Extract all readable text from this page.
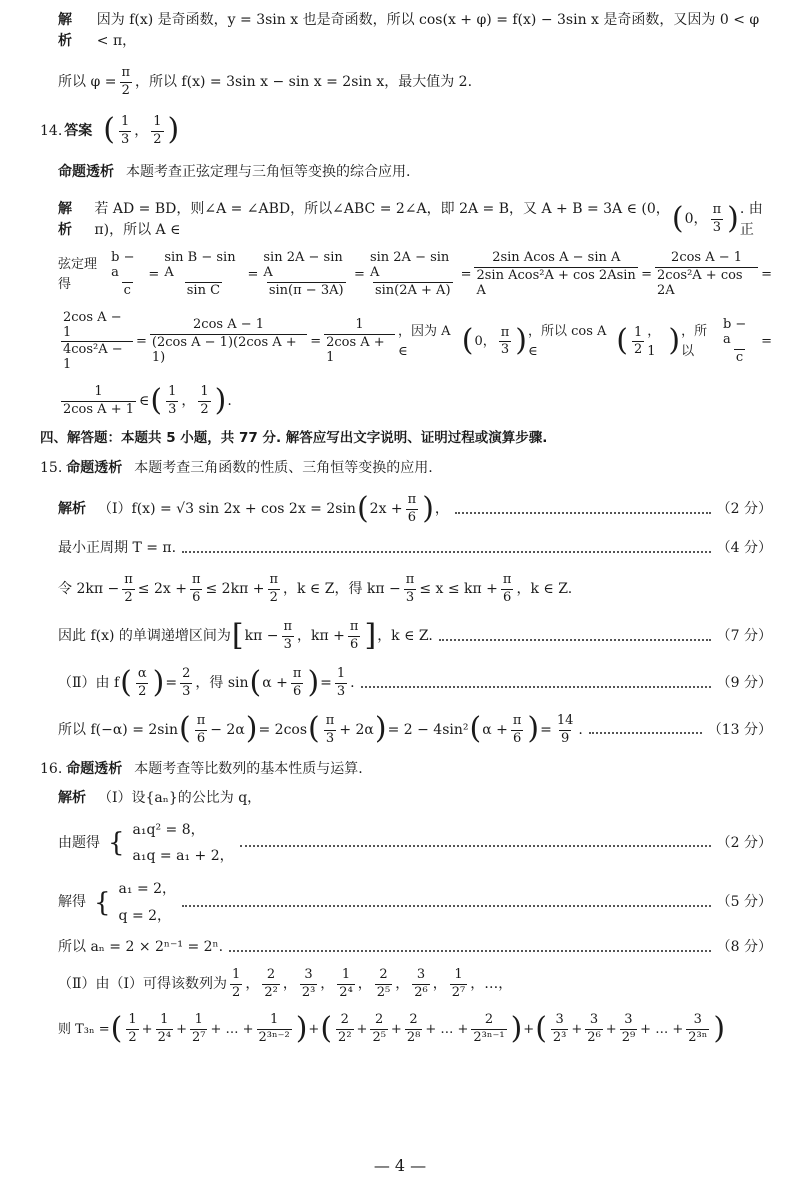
解析
因为 f(x) 是奇函数，y = 3sin x 也是奇函数，所以 cos(x + φ) = f(x) − 3sin x 是奇函数，又因为 0 < φ < π，
所以 $\varphi = \frac{\pi}{2}$ ，所以 f(x) = 3sin x − sin x = 2sin x，最大值为 2.
14. 答案 ( $\frac{1}{3}$ ， $\frac{1}{2}$ )
命题透析 本题考查正弦定理与三角恒等变换的综合应用.
解析
若 AD = BD，则∠A = ∠ABD，所以∠ABC = 2∠A，即 2A = B，又 A + B = 3A ∈ (0，π)，所以 A ∈	( 0， $\frac{\pi}{3}$ ) . 由正
弦定理得	$\frac{b - a}{c} = \frac{\text{sin B − sin A}}{\text{sin C}} = \frac{\text{sin 2A − sin A}}{\sin(\pi - 3A)} = \frac{\text{sin 2A − sin A}}{\sin(2A + A)} = \frac{\text{2sin Acos A − sin A}}{\text{2sin Acos²A + cos 2Asin A}} = \frac{\text{2cos A − 1}}{\text{2cos²A + cos 2A}}$ =
$\frac{\text{2cos A − 1}}{\text{4cos²A − 1}} = \frac{\text{2cos A − 1}}{\text{(2cos A − 1)(2cos A + 1)}} = \frac{1}{\text{2cos A + 1}}$ ，因为 A ∈	( 0， $\frac{\pi}{3}$ ) ，所以 cos A ∈	( $\frac{1}{2}$ ，1 ) ，所以	$\frac{b - a}{c}$ =
$\frac{1}{\text{2cos A + 1}}$ ∈ ( $\frac{1}{3}$ ， $\frac{1}{2}$ ) .
四、解答题：本题共 5 小题，共 77 分. 解答应写出文字说明、证明过程或演算步骤.
15. 命题透析 本题考查三角函数的性质、三角恒等变换的应用.
解析 （Ⅰ）f(x) = √3 sin 2x + cos 2x = 2sin ( $2x + \frac{\pi}{6}$ ) ，	（2 分）
最小正周期 T = π.	（4 分）
令 $2k\pi - \frac{\pi}{2} \le 2x + \frac{\pi}{6} \le 2k\pi + \frac{\pi}{2}$ ，k ∈ Z，得 $k\pi - \frac{\pi}{3} \le x \le k\pi + \frac{\pi}{6}$ ，k ∈ Z.
因此 f(x) 的单调递增区间为 [ $k\pi - \frac{\pi}{3}$ ，$k\pi + \frac{\pi}{6}$ ] ，k ∈ Z.	（7 分）
（Ⅱ）由 f ( $\frac{\alpha}{2}$ ) = $\frac{2}{3}$ ，得 sin ( $\alpha + \frac{\pi}{6}$ ) = $\frac{1}{3}$ .	（9 分）
所以 f(−α) = 2sin ( $\frac{\pi}{6} - 2\alpha$ ) = 2cos ( $\frac{\pi}{3} + 2\alpha$ ) = 2 − 4sin² ( $\alpha + \frac{\pi}{6}$ ) = $\frac{14}{9}$ .	（13 分）
16. 命题透析 本题考查等比数列的基本性质与运算.
解析 （Ⅰ）设{aₙ}的公比为 q，
由题得 { a₁q² = 8，
a₁q = a₁ + 2，
（2 分）
解得 { a₁ = 2，
q = 2，
（5 分）
所以 aₙ = 2 × 2ⁿ⁻¹ = 2ⁿ.	（8 分）
（Ⅱ）由（Ⅰ）可得该数列为 $\frac{1}{2}$ ， $\frac{2}{\text{2²}}$ ， $\frac{3}{\text{2³}}$ ， $\frac{1}{\text{2⁴}}$ ， $\frac{2}{\text{2⁵}}$ ， $\frac{3}{\text{2⁶}}$ ， $\frac{1}{\text{2⁷}}$ ，…，
则 T₃ₙ = ( $\frac{1}{2} + \frac{1}{\text{2⁴}} + \frac{1}{\text{2⁷}}$ + … + $\frac{1}{\text{2³ⁿ⁻²}}$ ) + ( $\frac{2}{\text{2²}} + \frac{2}{\text{2⁵}} + \frac{2}{\text{2⁸}}$ + … + $\frac{2}{\text{2³ⁿ⁻¹}}$ ) + ( $\frac{3}{\text{2³}} + \frac{3}{\text{2⁶}} + \frac{3}{\text{2⁹}}$ + … + $\frac{3}{\text{2³ⁿ}}$ )
— 4 —
